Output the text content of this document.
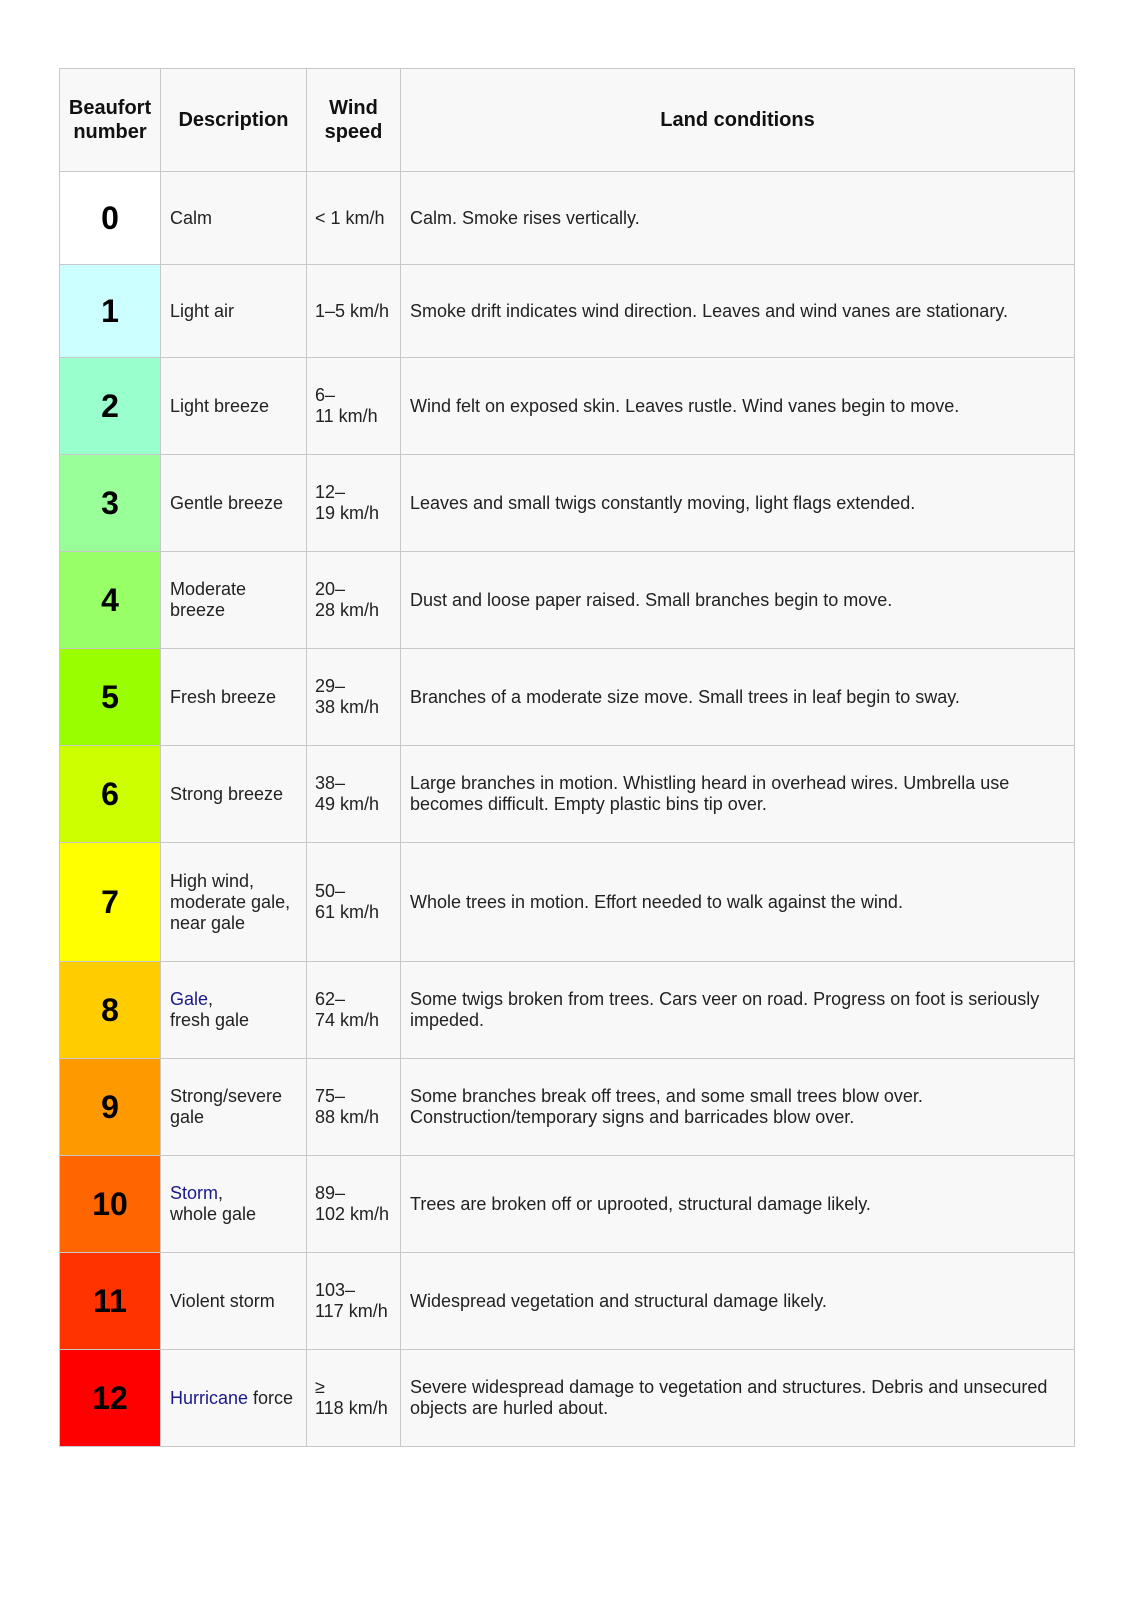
Beaufort
number	Description	Wind
speed	Land conditions
0	Calm	< 1 km/h	Calm. Smoke rises vertically.
1	Light air	1–5 km/h	Smoke drift indicates wind direction. Leaves and wind vanes are stationary.
2	Light breeze	6–
11 km/h	Wind felt on exposed skin. Leaves rustle. Wind vanes begin to move.
3	Gentle breeze	12–
19 km/h	Leaves and small twigs constantly moving, light flags extended.
4	Moderate
breeze	20–
28 km/h	Dust and loose paper raised. Small branches begin to move.
5	Fresh breeze	29–
38 km/h	Branches of a moderate size move. Small trees in leaf begin to sway.
6	Strong breeze	38–
49 km/h	Large branches in motion. Whistling heard in overhead wires. Umbrella use becomes difficult. Empty plastic bins tip over.
7	High wind,
moderate gale,
near gale	50–
61 km/h	Whole trees in motion. Effort needed to walk against the wind.
8	Gale,
fresh gale	62–
74 km/h	Some twigs broken from trees. Cars veer on road. Progress on foot is seriously impeded.
9	Strong/severe
gale	75–
88 km/h	Some branches break off trees, and some small trees blow over. Construction/temporary signs and barricades blow over.
10	Storm,
whole gale	89–
102 km/h	Trees are broken off or uprooted, structural damage likely.
11	Violent storm	103–
117 km/h	Widespread vegetation and structural damage likely.
12	Hurricane force	≥
118 km/h	Severe widespread damage to vegetation and structures. Debris and unsecured objects are hurled about.
